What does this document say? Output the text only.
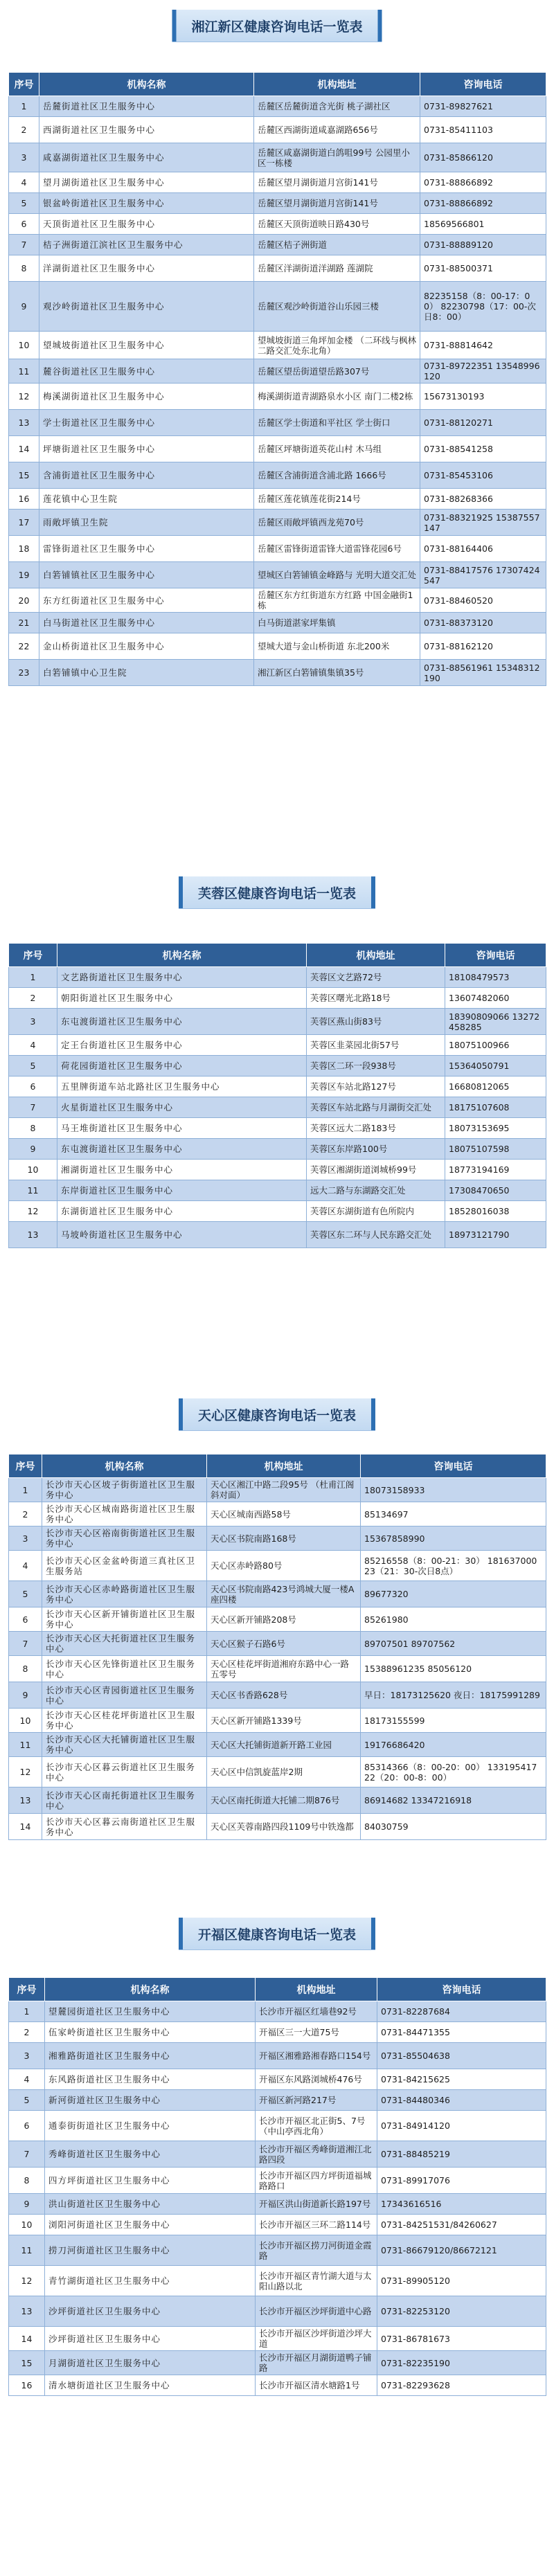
湘江新区健康咨询电话一览表
序号	机构名称	机构地址	咨询电话
1	岳麓街道社区卫生服务中心	岳麓区岳麓街道含光街 桃子湖社区	0731-89827621
2	西湖街道社区卫生服务中心	岳麓区西湖街道咸嘉湖路656号	0731-85411103
3	咸嘉湖街道社区卫生服务中心	岳麓区咸嘉湖街道白鸽咀99号 公园里小区一栋楼	0731-85866120
4	望月湖街道社区卫生服务中心	岳麓区望月湖街道月宫街141号	0731-88866892
5	银盆岭街道社区卫生服务中心	岳麓区望月湖街道月宫街141号	0731-88866892
6	天顶街道社区卫生服务中心	岳麓区天顶街道映日路430号	18569566801
7	桔子洲街道江滨社区卫生服务中心	岳麓区桔子洲街道	0731-88889120
8	洋湖街道社区卫生服务中心	岳麓区洋湖街道洋湖路 莲湖院	0731-88500371
9	观沙岭街道社区卫生服务中心	岳麓区观沙岭街道谷山乐园三楼	82235158（8：00-17：00） 82230798（17：00-次日8：00）
10	望城坡街道社区卫生服务中心	望城坡街道三角坪加金楼 （二环线与枫林二路交汇处东北角）	0731-88814642
11	麓谷街道社区卫生服务中心	岳麓区望岳街道望岳路307号	0731-89722351 13548996120
12	梅溪湖街道社区卫生服务中心	梅溪湖街道青湖路泉水小区 南门二楼2栋	15673130193
13	学士街道社区卫生服务中心	岳麓区学士街道和平社区 学士街口	0731-88120271
14	坪塘街道社区卫生服务中心	岳麓区坪塘街道英花山村 木马组	0731-88541258
15	含浦街道社区卫生服务中心	岳麓区含浦街道含浦北路 1666号	0731-85453106
16	莲花镇中心卫生院	岳麓区莲花镇莲花街214号	0731-88268366
17	雨敞坪镇卫生院	岳麓区雨敞坪镇西龙苑70号	0731-88321925 15387557147
18	雷锋街道社区卫生服务中心	岳麓区雷锋街道雷锋大道雷锋花园6号	0731-88164406
19	白箬铺镇社区卫生服务中心	望城区白箬铺镇金峰路与 光明大道交汇处	0731-88417576 17307424547
20	东方红街道社区卫生服务中心	岳麓区东方红街道东方红路 中国金融街1栋	0731-88460520
21	白马街道社区卫生服务中心	白马街道湛家坪集镇	0731-88373120
22	金山桥街道社区卫生服务中心	望城大道与金山桥街道 东北200米	0731-88162120
23	白箬铺镇中心卫生院	湘江新区白箬铺镇集镇35号	0731-88561961 15348312190
芙蓉区健康咨询电话一览表
序号	机构名称	机构地址	咨询电话
1	文艺路街道社区卫生服务中心	芙蓉区文艺路72号	18108479573
2	朝阳街道社区卫生服务中心	芙蓉区曙光北路18号	13607482060
3	东屯渡街道社区卫生服务中心	芙蓉区燕山街83号	18390809066 13272458285
4	定王台街道社区卫生服务中心	芙蓉区韭菜园北街57号	18075100966
5	荷花园街道社区卫生服务中心	芙蓉区二环一段938号	15364050791
6	五里牌街道车站北路社区卫生服务中心	芙蓉区车站北路127号	16680812065
7	火星街道社区卫生服务中心	芙蓉区车站北路与月湖街交汇处	18175107608
8	马王堆街道社区卫生服务中心	芙蓉区远大二路183号	18073153695
9	东屯渡街道社区卫生服务中心	芙蓉区东岸路100号	18075107598
10	湘湖街道社区卫生服务中心	芙蓉区湘湖街道浏城桥99号	18773194169
11	东岸街道社区卫生服务中心	远大二路与东湖路交汇处	17308470650
12	东湖街道社区卫生服务中心	芙蓉区东湖街道有色所院内	18528016038
13	马坡岭街道社区卫生服务中心	芙蓉区东二环与人民东路交汇处	18973121790
天心区健康咨询电话一览表
序号	机构名称	机构地址	咨询电话
1	长沙市天心区坡子街街道社区卫生服务中心	天心区湘江中路二段95号 （杜甫江阁斜对面）	18073158933
2	长沙市天心区城南路街道社区卫生服务中心	天心区城南西路58号	85134697
3	长沙市天心区裕南街街道社区卫生服务中心	天心区书院南路168号	15367858990
4	长沙市天心区金盆岭街道三真社区卫生服务站	天心区赤岭路80号	85216558（8：00-21：30） 18163700023（21：30-次日8点）
5	长沙市天心区赤岭路街道社区卫生服务中心	天心区书院南路423号鸿城大厦一楼A座四楼	89677320
6	长沙市天心区新开铺街道社区卫生服务中心	天心区新开铺路208号	85261980
7	长沙市天心区大托街道社区卫生服务中心	天心区猴子石路6号	89707501 89707562
8	长沙市天心区先锋街道社区卫生服务中心	天心区桂花坪街道湘府东路中心一路五零号	15388961235 85056120
9	长沙市天心区青园街道社区卫生服务中心	天心区书香路628号	早日：18173125620 夜日：18175991289
10	长沙市天心区桂花坪街道社区卫生服务中心	天心区新开铺路1339号	18173155599
11	长沙市天心区大托铺街道社区卫生服务中心	天心区大托铺街道新开路工业园	19176686420
12	长沙市天心区暮云街道社区卫生服务中心	天心区中信凯旋蓝岸2期	85314366（8：00-20：00） 13319541722（20：00-8：00）
13	长沙市天心区南托街道社区卫生服务中心	天心区南托街道大托铺二期876号	86914682 13347216918
14	长沙市天心区暮云南街道社区卫生服务中心	天心区芙蓉南路四段1109号中铁逸都	84030759
开福区健康咨询电话一览表
序号	机构名称	机构地址	咨询电话
1	望麓园街道社区卫生服务中心	长沙市开福区红墙巷92号	0731-82287684
2	伍家岭街道社区卫生服务中心	开福区三一大道75号	0731-84471355
3	湘雅路街道社区卫生服务中心	开福区湘雅路湘春路口154号	0731-85504638
4	东风路街道社区卫生服务中心	开福区东风路浏城桥476号	0731-84215625
5	新河街道社区卫生服务中心	开福区新河路217号	0731-84480346
6	通泰街街道社区卫生服务中心	长沙市开福区北正街5、7号（中山亭西北角）	0731-84914120
7	秀峰街道社区卫生服务中心	长沙市开福区秀峰街道湘江北路四段	0731-88485219
8	四方坪街道社区卫生服务中心	长沙市开福区四方坪街道福城路路口	0731-89917076
9	洪山街道社区卫生服务中心	开福区洪山街道新长路197号	17343616516
10	浏阳河街道社区卫生服务中心	长沙市开福区三环二路114号	0731-84251531/84260627
11	捞刀河街道社区卫生服务中心	长沙市开福区捞刀河街道金霞路	0731-86679120/86672121
12	青竹湖街道社区卫生服务中心	长沙市开福区青竹湖大道与太阳山路以北	0731-89905120
13	沙坪街道社区卫生服务中心	长沙市开福区沙坪街道中心路	0731-82253120
14	沙坪街道社区卫生服务中心	长沙市开福区沙坪街道沙坪大道	0731-86781673
15	月湖街道社区卫生服务中心	长沙市开福区月湖街道鸭子铺路	0731-82235190
16	清水塘街道社区卫生服务中心	长沙市开福区清水塘路1号	0731-82293628
